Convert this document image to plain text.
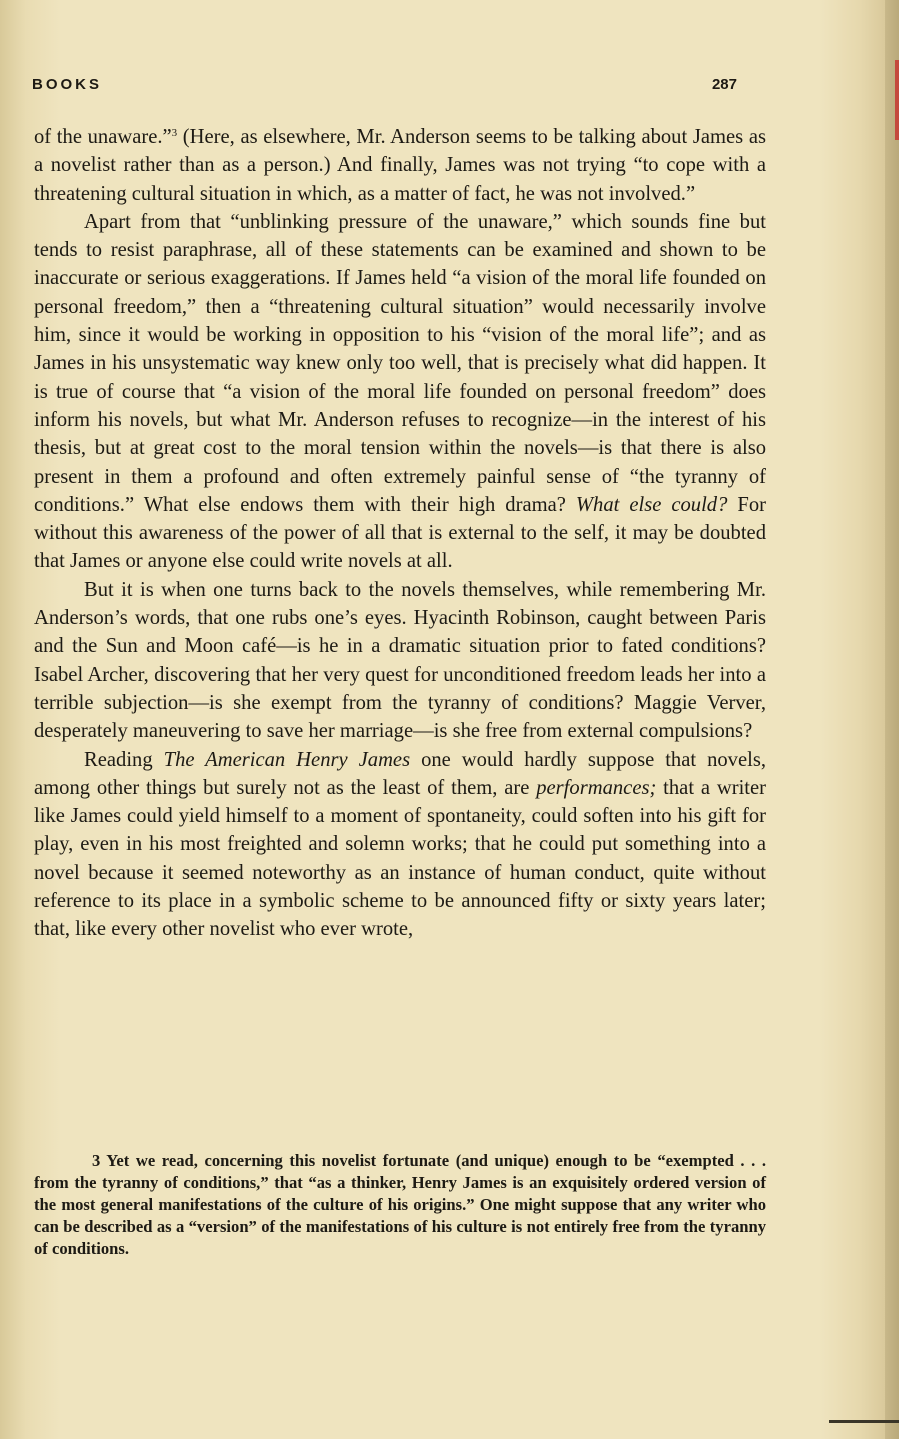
BOOKS	287

of the unaware.”$^3$ (Here, as elsewhere, Mr. Anderson seems to be talking about James as a novelist rather than as a person.) And finally, James was not trying “to cope with a threatening cultural situation in which, as a matter of fact, he was not involved.”

Apart from that “unblinking pressure of the unaware,” which sounds fine but tends to resist paraphrase, all of these statements can be examined and shown to be inaccurate or serious exaggerations. If James held “a vision of the moral life founded on personal freedom,” then a “threatening cultural situation” would necessarily involve him, since it would be working in opposition to his “vision of the moral life”; and as James in his unsystematic way knew only too well, that is precisely what did happen. It is true of course that “a vision of the moral life founded on personal freedom” does inform his novels, but what Mr. Anderson refuses to recognize—in the interest of his thesis, but at great cost to the moral tension within the novels—is that there is also present in them a profound and often extremely painful sense of “the tyranny of conditions.” What else endows them with their high drama? What else could? For without this awareness of the power of all that is external to the self, it may be doubted that James or anyone else could write novels at all.

But it is when one turns back to the novels themselves, while remembering Mr. Anderson’s words, that one rubs one’s eyes. Hyacinth Robinson, caught between Paris and the Sun and Moon café—is he in a dramatic situation prior to fated conditions? Isabel Archer, discovering that her very quest for unconditioned freedom leads her into a terrible subjection—is she exempt from the tyranny of conditions? Maggie Verver, desperately maneuvering to save her marriage—is she free from external compulsions?

Reading The American Henry James one would hardly suppose that novels, among other things but surely not as the least of them, are performances; that a writer like James could yield himself to a moment of spontaneity, could soften into his gift for play, even in his most freighted and solemn works; that he could put something into a novel because it seemed noteworthy as an instance of human conduct, quite without reference to its place in a symbolic scheme to be announced fifty or sixty years later; that, like every other novelist who ever wrote,

3 Yet we read, concerning this novelist fortunate (and unique) enough to be “exempted . . . from the tyranny of conditions,” that “as a thinker, Henry James is an exquisitely ordered version of the most general manifestations of the culture of his origins.” One might suppose that any writer who can be described as a “version” of the manifestations of his culture is not entirely free from the tyranny of conditions.
